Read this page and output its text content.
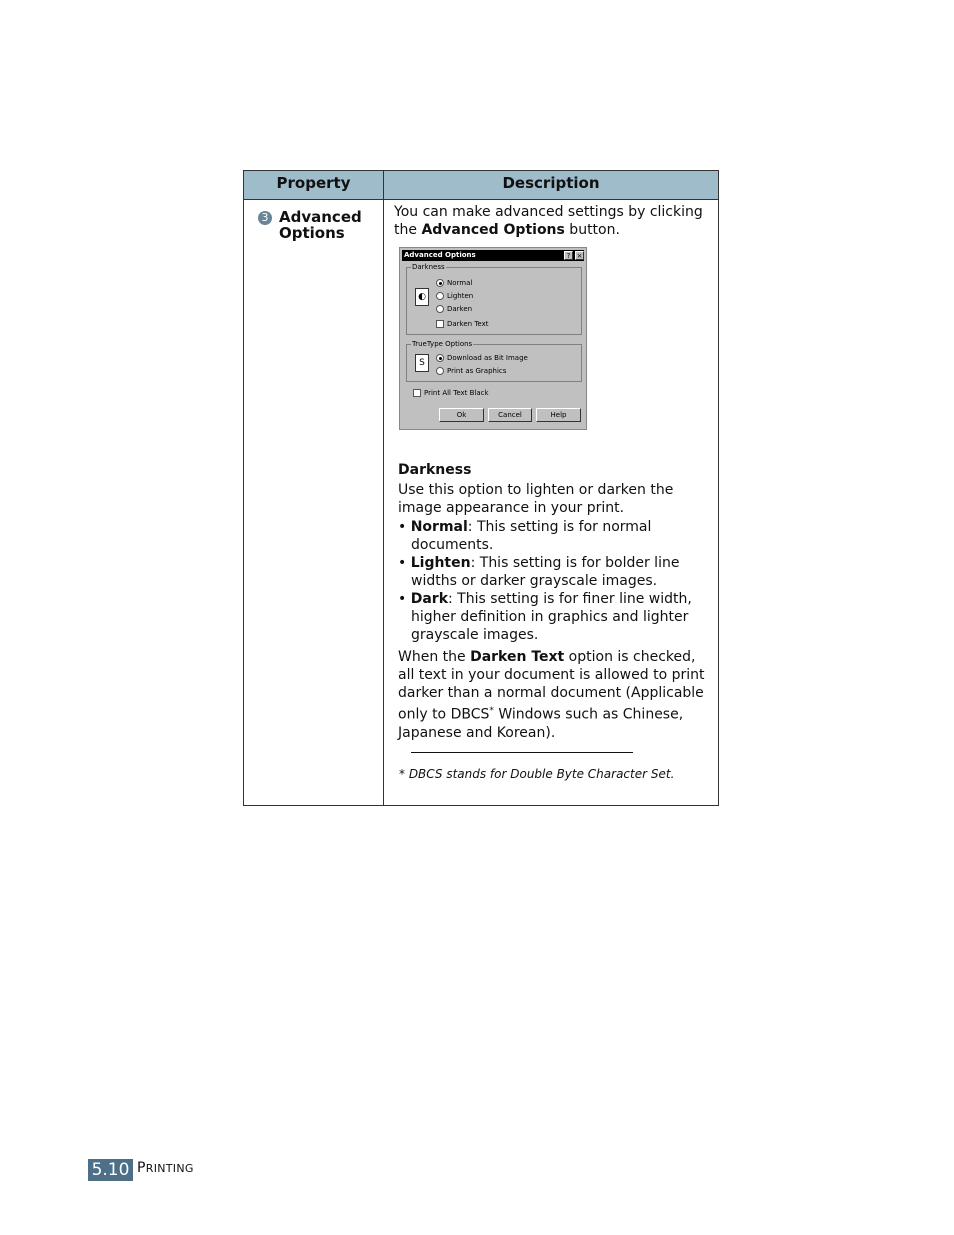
Property	Description
3 Advanced Options

You can make advanced settings by clicking the Advanced Options button.

Advanced Options	? ×
Darkness
◐
Normal
Lighten
Darken
Darken Text
TrueType Options
S	Download as Bit Image
Print as Graphics
Print All Text Black
Ok	Cancel	Help

Darkness

Use this option to lighten or darken the image appearance in your print.

• Normal: This setting is for normal documents.

• Lighten: This setting is for bolder line widths or darker grayscale images.

• Dark: This setting is for finer line width, higher definition in graphics and lighter grayscale images.

When the Darken Text option is checked, all text in your document is allowed to print darker than a normal document (Applicable only to DBCS* Windows such as Chinese, Japanese and Korean).

* DBCS stands for Double Byte Character Set.
5.10 PRINTING
